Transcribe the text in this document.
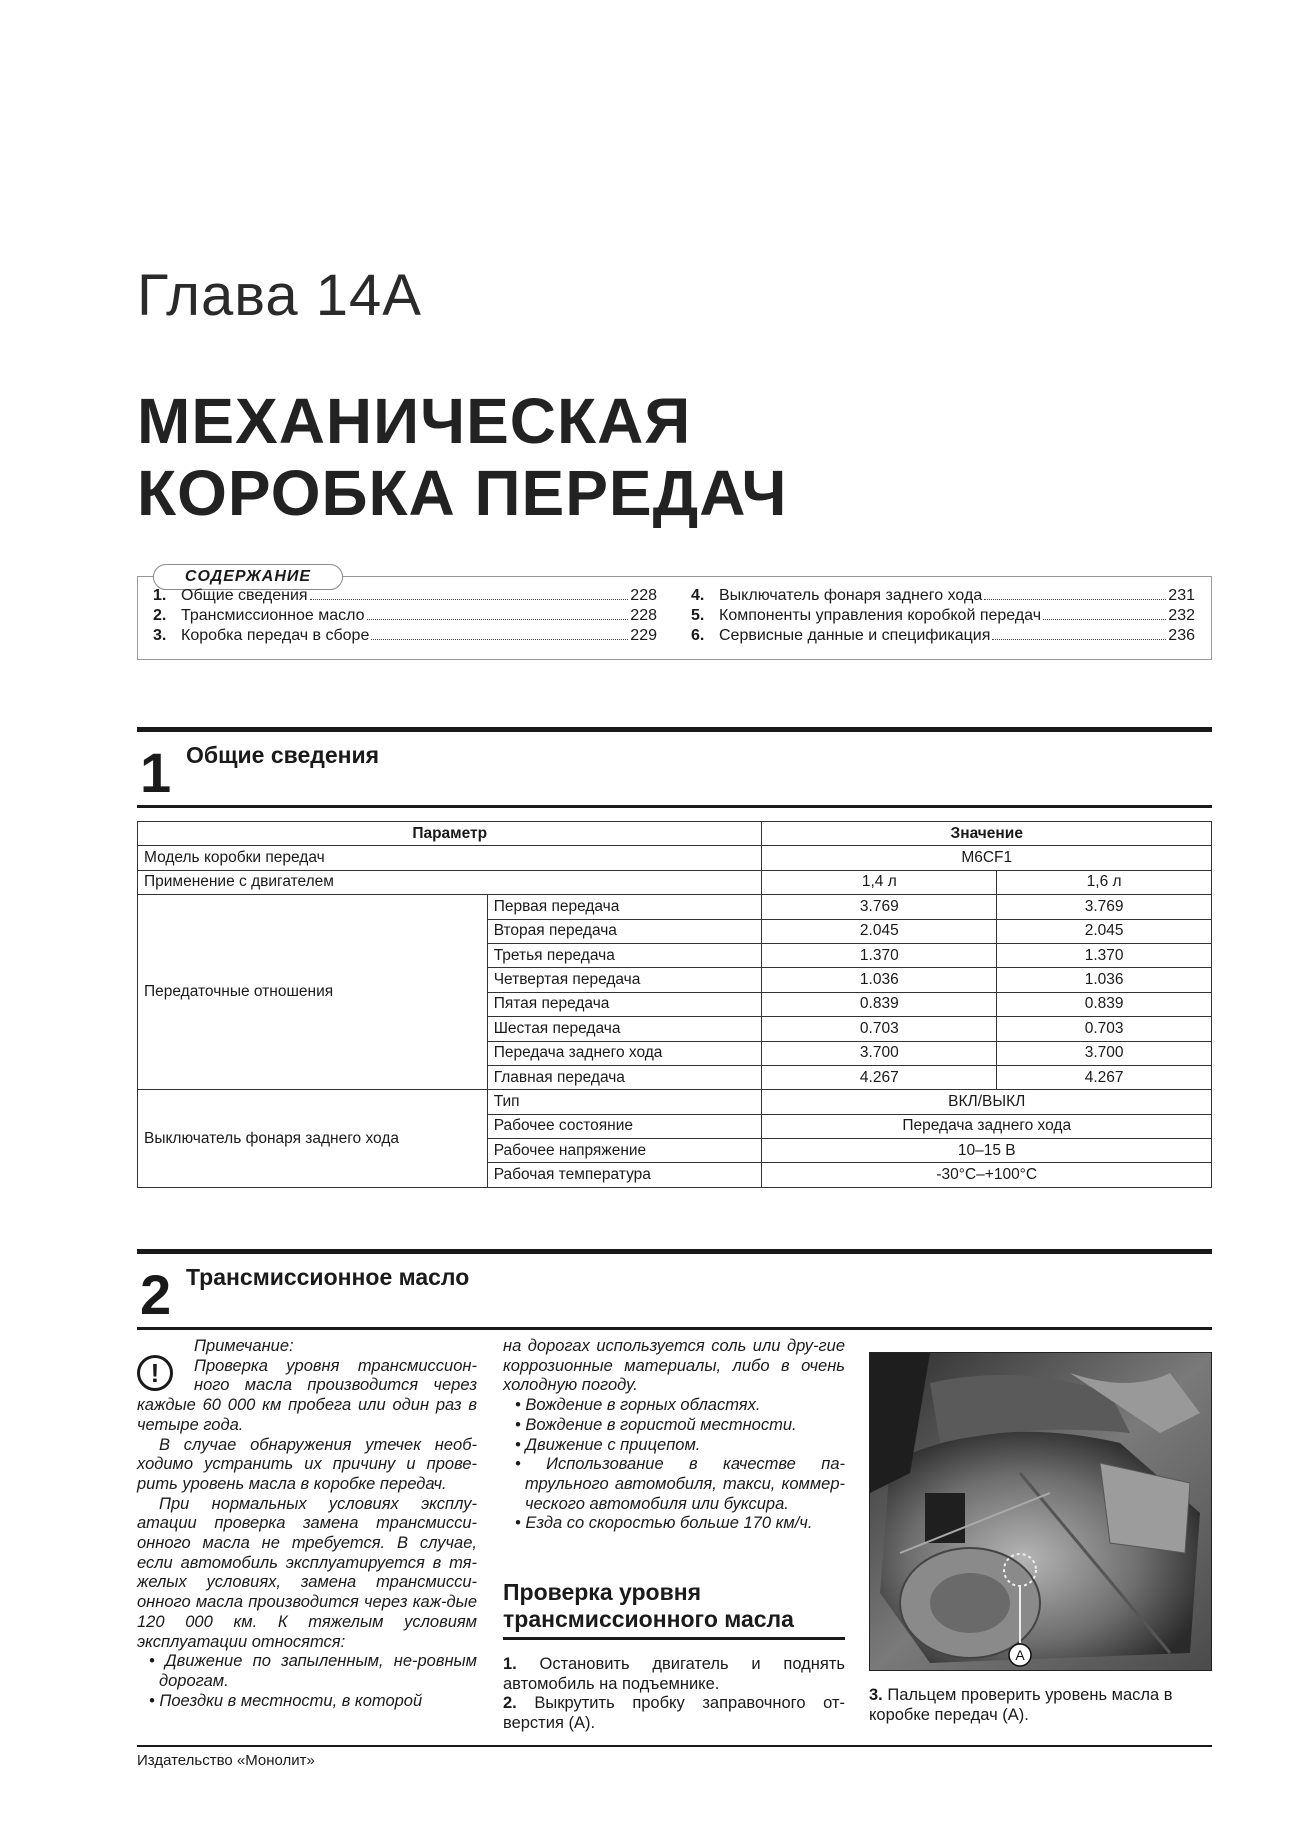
Глава 14А
МЕХАНИЧЕСКАЯ
КОРОБКА ПЕРЕДАЧ
СОДЕРЖАНИЕ
1. Общие сведения	228
2. Трансмиссионное масло	228
3. Коробка передач в сборе	229
4. Выключатель фонаря заднего хода	231
5. Компоненты управления коробкой передач	232
6. Сервисные данные и спецификация	236
1 Общие сведения
Параметр		Значение	
Модель коробки передач		M6CF1	
Применение с двигателем		1,4 л	1,6 л
Передаточные отношения	Первая передача	3.769	3.769
	Вторая передача	2.045	2.045
	Третья передача	1.370	1.370
	Четвертая передача	1.036	1.036
	Пятая передача	0.839	0.839
	Шестая передача	0.703	0.703
	Передача заднего хода	3.700	3.700
	Главная передача	4.267	4.267
Выключатель фонаря заднего хода	Тип	ВКЛ/ВЫКЛ	
	Рабочее состояние	Передача заднего хода	
	Рабочее напряжение	10–15 В	
	Рабочая температура	-30°C–+100°C	
2 Трансмиссионное масло
!

Примечание:

Проверка уровня трансмиссион-ного масла производится через каждые 60 000 км пробега или один раз в четыре года.

В случае обнаружения утечек необ-ходимо устранить их причину и прове-рить уровень масла в коробке передач.

При нормальных условиях эксплу-атации проверка замена трансмисси-онного масла не требуется. В случае, если автомобиль эксплуатируется в тя-желых условиях, замена трансмисси-онного масла производится через каж-дые 120 000 км. К тяжелым условиям эксплуатации относятся:

• Движение по запыленным, не-ровным дорогам.

• Поездки в местности, в которой

на дорогах используется соль или дру-гие коррозионные материалы, либо в очень холодную погоду.

• Вождение в горных областях.

• Вождение в гористой местности.

• Движение с прицепом.

• Использование в качестве па-трульного автомобиля, такси, коммер-ческого автомобиля или буксира.

• Езда со скоростью больше 170 км/ч.

Проверка уровня трансмиссионного масла

1. Остановить двигатель и поднять автомобиль на подъемнике.

2. Выкрутить пробку заправочного от-верстия (А).

A
3. Пальцем проверить уровень масла в коробке передач (А).
Издательство «Монолит»
